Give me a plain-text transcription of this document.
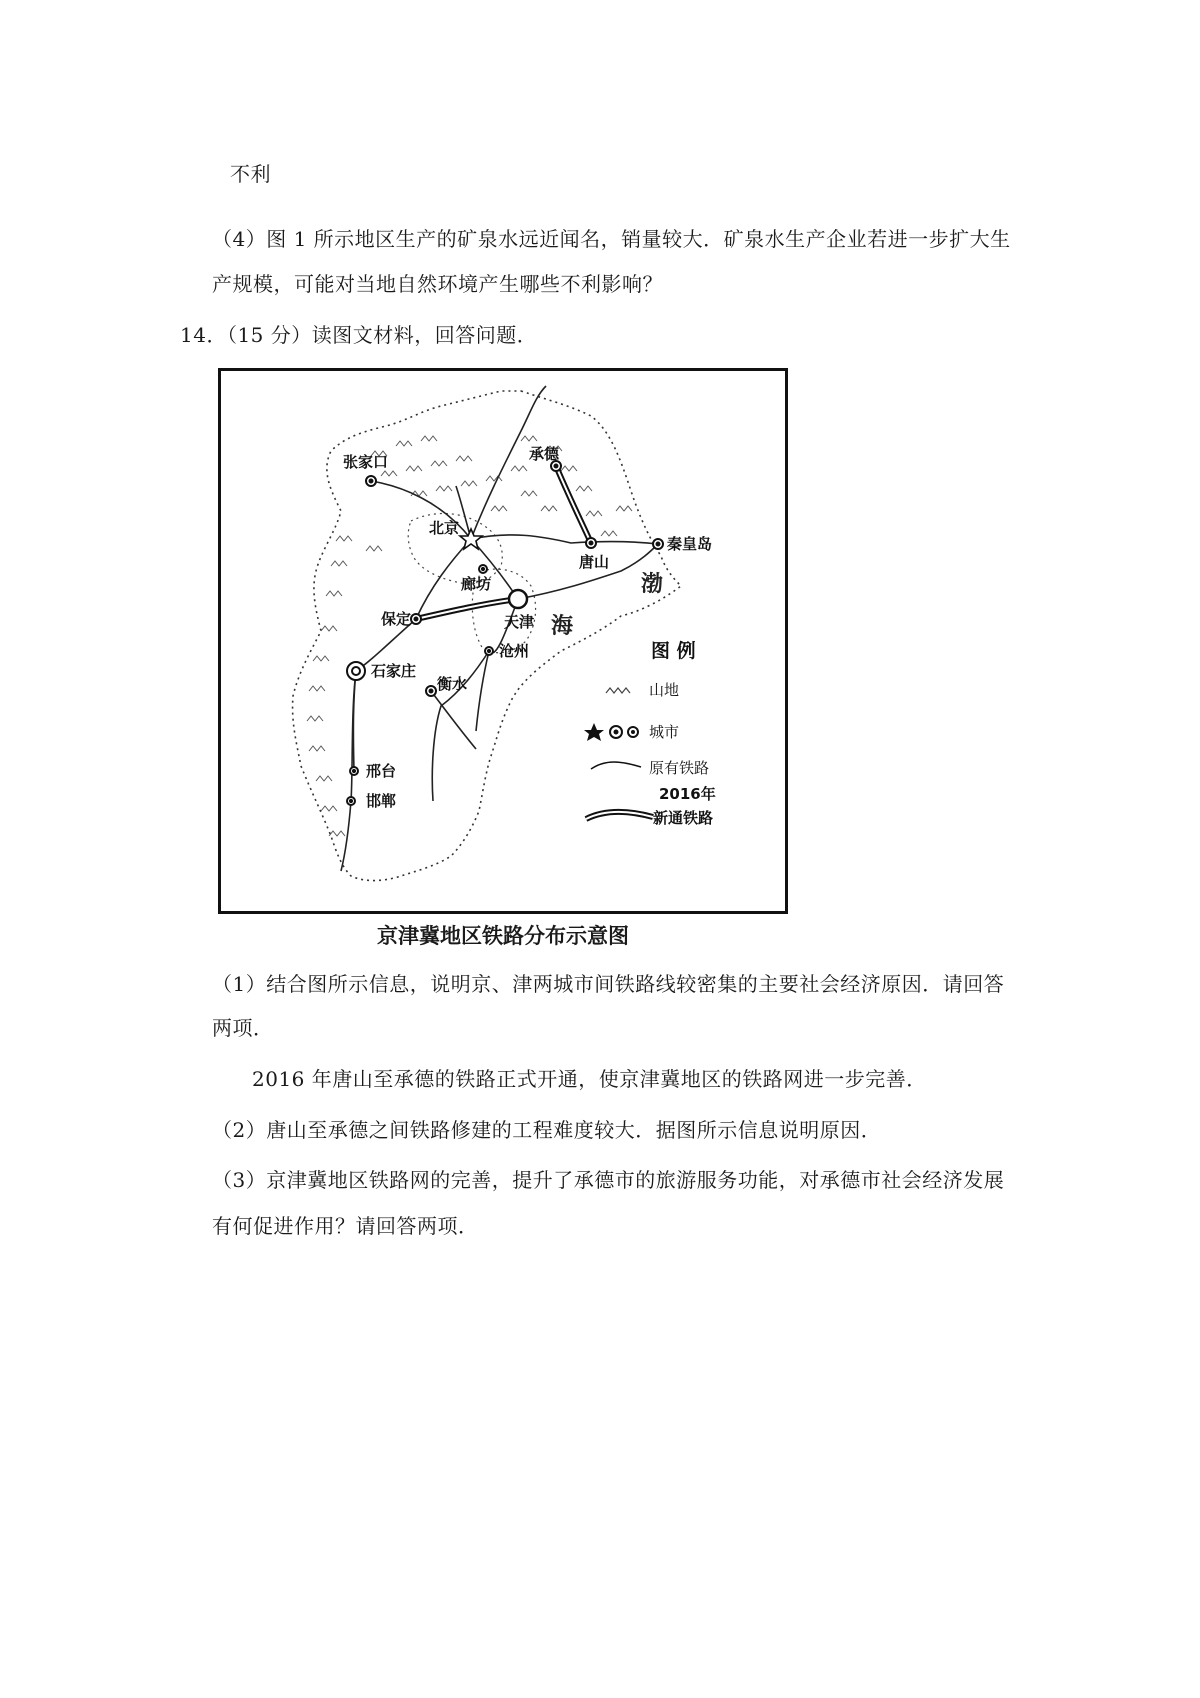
不利
（4）图 1 所示地区生产的矿泉水远近闻名，销量较大．矿泉水生产企业若进一步扩大生
产规模，可能对当地自然环境产生哪些不利影响？
14．（15 分）读图文材料，回答问题．
张家口	承德
北京
唐山
秦皇岛
廊坊
保定	天津
沧州
石家庄
衡水
邢台
邯郸
渤
海
图 例
山地
城市
原有铁路
2016年
新通铁路
京津冀地区铁路分布示意图
（1）结合图所示信息，说明京、津两城市间铁路线较密集的主要社会经济原因．请回答
两项．
2016 年唐山至承德的铁路正式开通，使京津冀地区的铁路网进一步完善．
（2）唐山至承德之间铁路修建的工程难度较大．据图所示信息说明原因．
（3）京津冀地区铁路网的完善，提升了承德市的旅游服务功能，对承德市社会经济发展
有何促进作用？请回答两项．
